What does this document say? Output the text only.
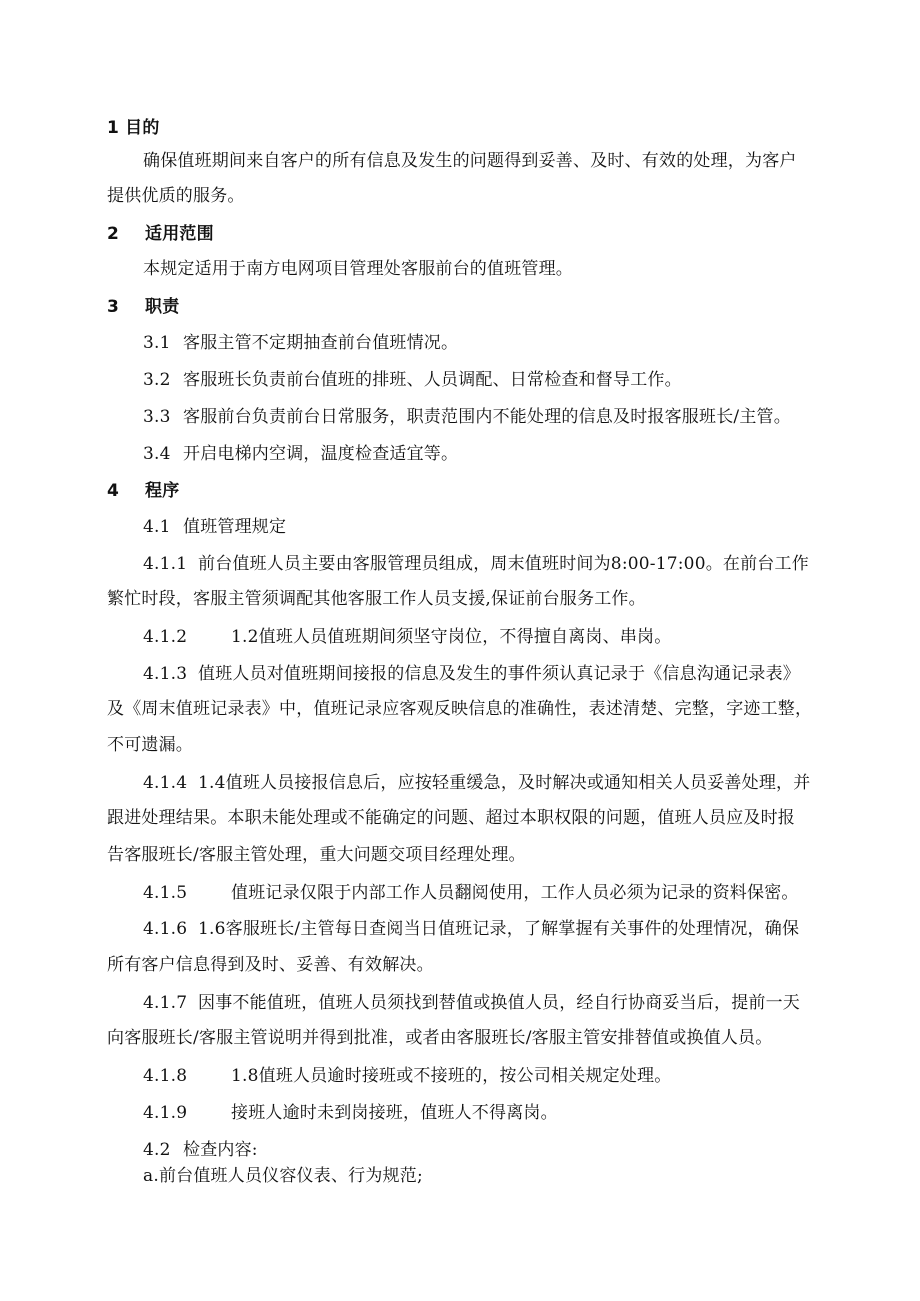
1 目的
确保值班期间来自客户的所有信息及发生的问题得到妥善、及时、有效的处理，为客户
提供优质的服务。
2 适用范围
本规定适用于南方电网项目管理处客服前台的值班管理。
3 职责
3.1 客服主管不定期抽查前台值班情况。
3.2 客服班长负责前台值班的排班、人员调配、日常检查和督导工作。
3.3 客服前台负责前台日常服务，职责范围内不能处理的信息及时报客服班长/主管。
3.4 开启电梯内空调，温度检查适宜等。
4 程序
4.1 值班管理规定
4.1.1 前台值班人员主要由客服管理员组成，周末值班时间为8:00-17:00。在前台工作
繁忙时段，客服主管须调配其他客服工作人员支援,保证前台服务工作。
4.1.2	1.2值班人员值班期间须坚守岗位，不得擅自离岗、串岗。
4.1.3 值班人员对值班期间接报的信息及发生的事件须认真记录于《信息沟通记录表》
及《周末值班记录表》中，值班记录应客观反映信息的准确性，表述清楚、完整，字迹工整，
不可遗漏。
4.1.4 1.4值班人员接报信息后，应按轻重缓急，及时解决或通知相关人员妥善处理，并
跟进处理结果。本职未能处理或不能确定的问题、超过本职权限的问题，值班人员应及时报
告客服班长/客服主管处理，重大问题交项目经理处理。
4.1.5	值班记录仅限于内部工作人员翻阅使用，工作人员必须为记录的资料保密。
4.1.6 1.6客服班长/主管每日查阅当日值班记录，了解掌握有关事件的处理情况，确保
所有客户信息得到及时、妥善、有效解决。
4.1.7 因事不能值班，值班人员须找到替值或换值人员，经自行协商妥当后，提前一天
向客服班长/客服主管说明并得到批准，或者由客服班长/客服主管安排替值或换值人员。
4.1.8	1.8值班人员逾时接班或不接班的，按公司相关规定处理。
4.1.9	接班人逾时未到岗接班，值班人不得离岗。
4.2 检查内容:
a.前台值班人员仪容仪表、行为规范;
